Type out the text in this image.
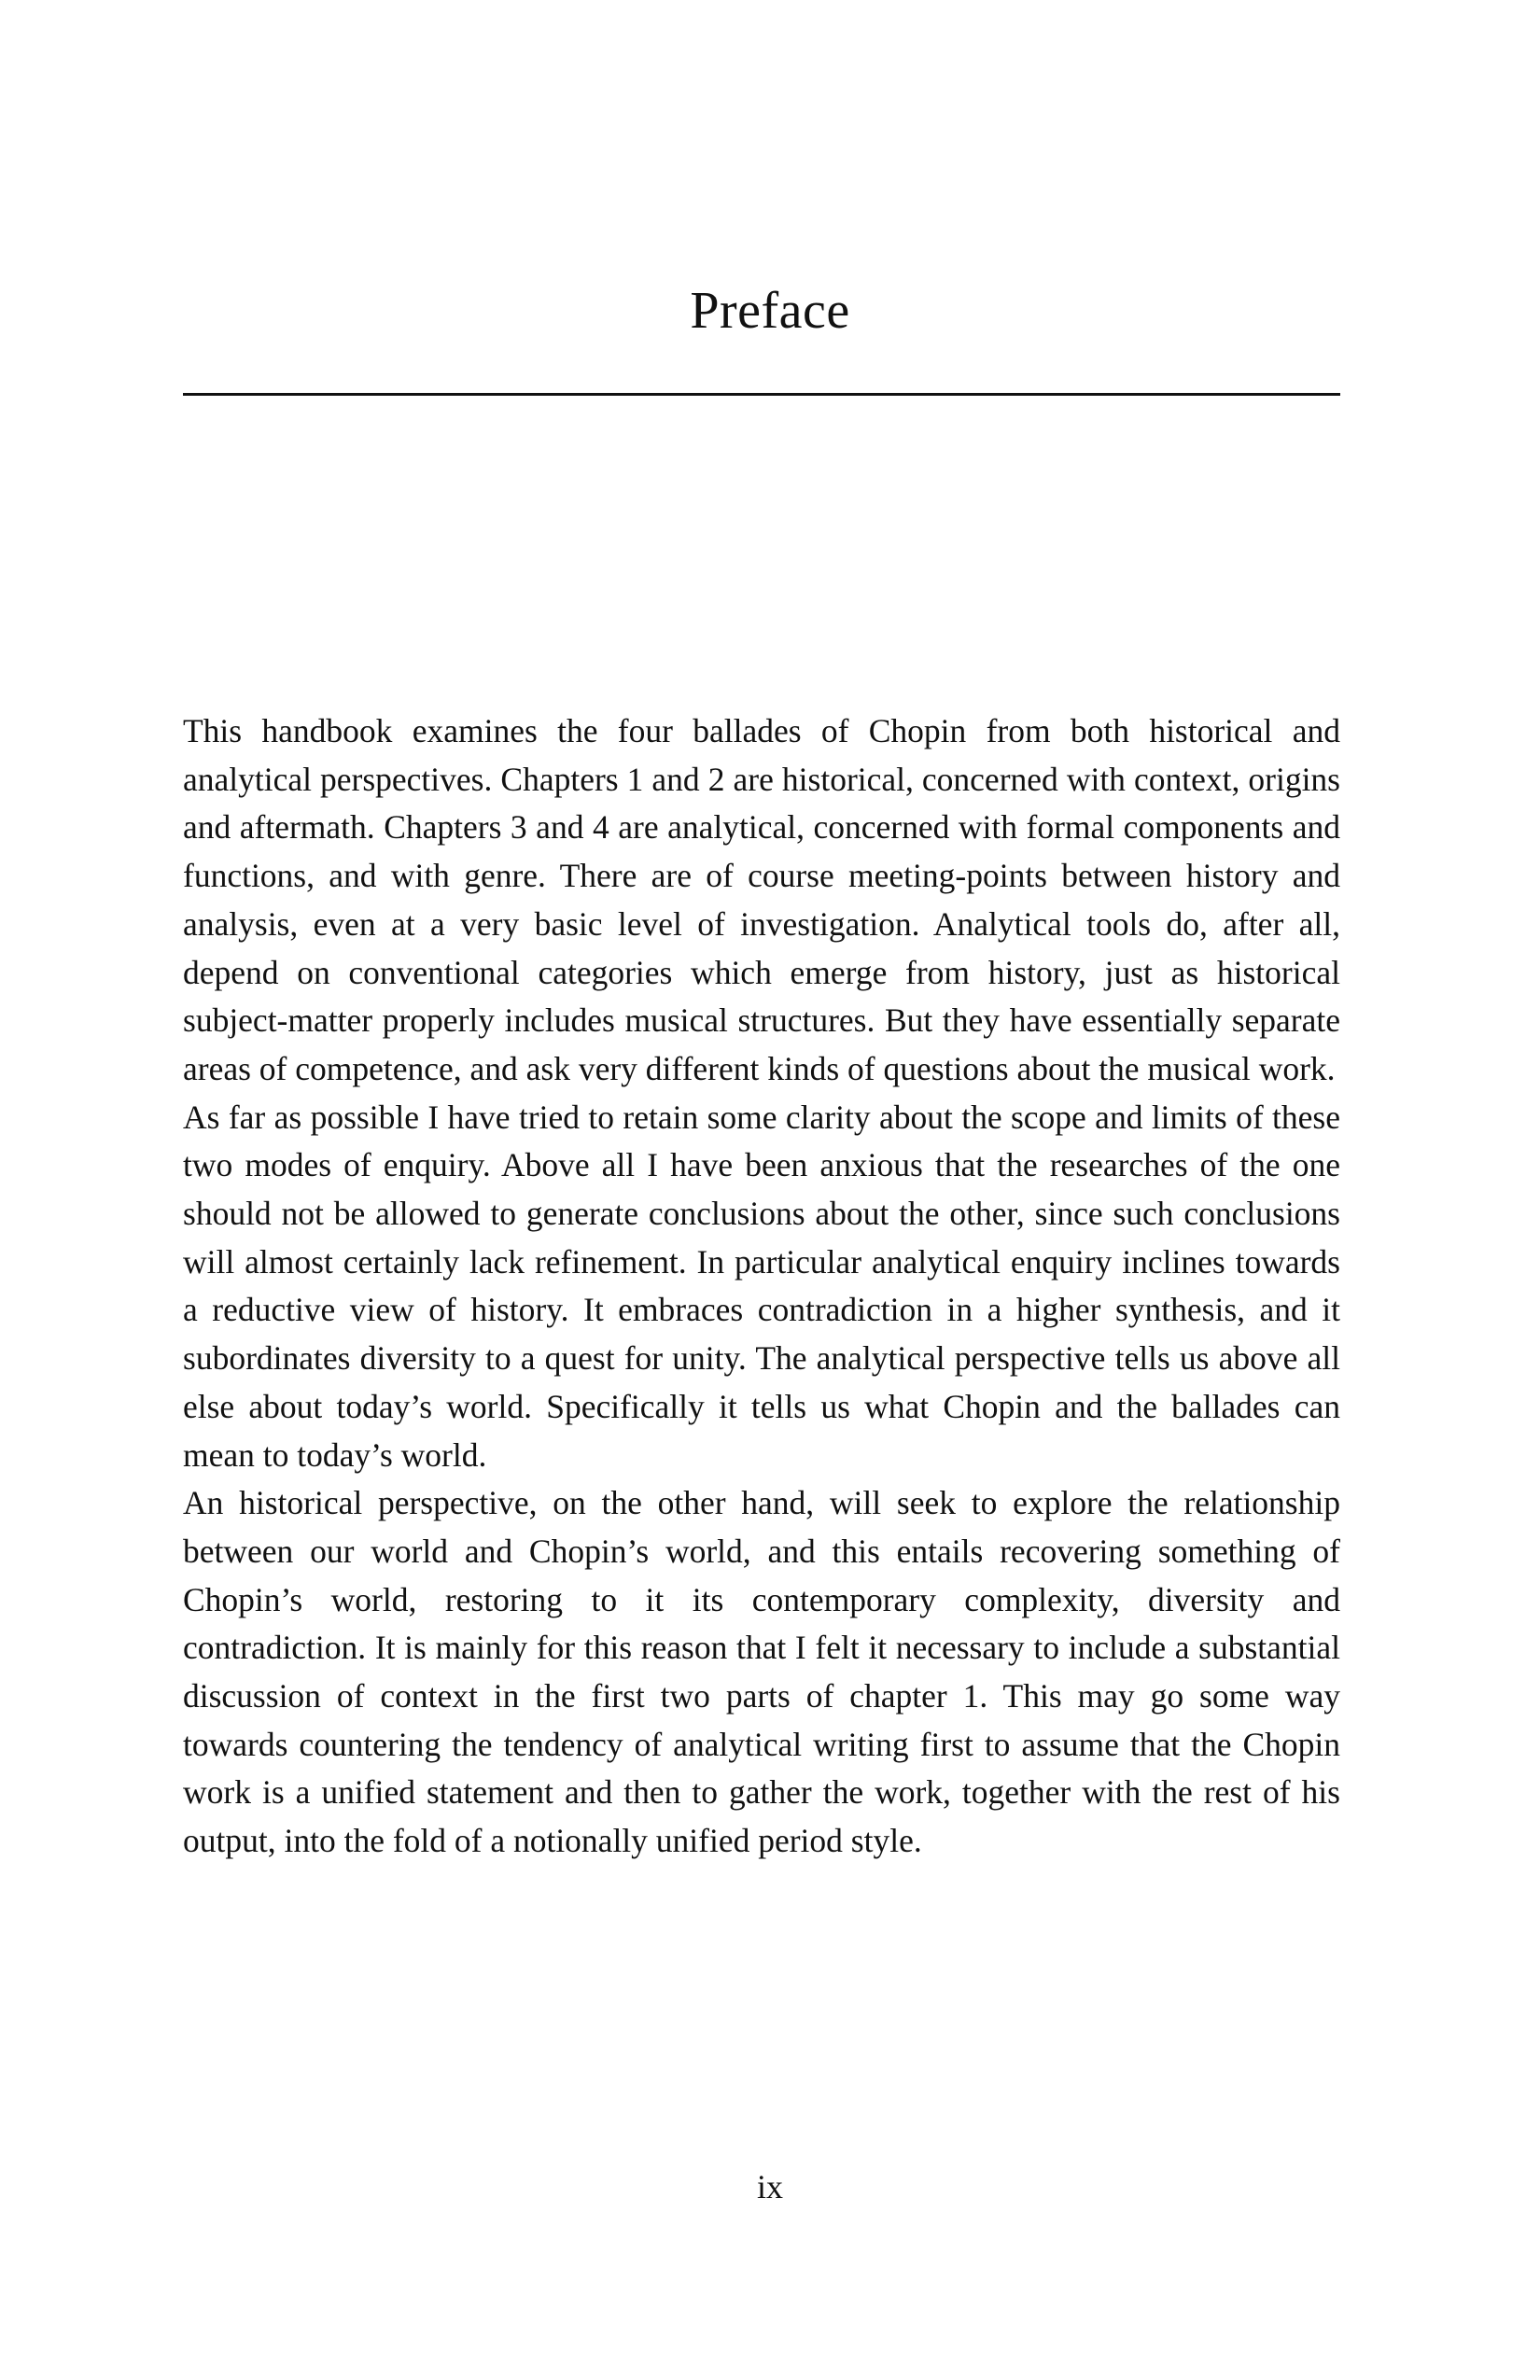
Preface

This handbook examines the four ballades of Chopin from both historical and analytical perspectives. Chapters 1 and 2 are historical, concerned with context, origins and aftermath. Chapters 3 and 4 are analytical, concerned with formal components and functions, and with genre. There are of course meeting-points between history and analysis, even at a very basic level of investigation. Analytical tools do, after all, depend on conventional categories which emerge from history, just as historical subject-matter properly includes musical structures. But they have essentially separate areas of competence, and ask very different kinds of questions about the musical work.

As far as possible I have tried to retain some clarity about the scope and limits of these two modes of enquiry. Above all I have been anxious that the researches of the one should not be allowed to generate conclusions about the other, since such conclusions will almost certainly lack refinement. In particular analytical enquiry inclines towards a reductive view of history. It embraces contradiction in a higher synthesis, and it subordinates diversity to a quest for unity. The analytical perspective tells us above all else about today’s world. Specifically it tells us what Chopin and the ballades can mean to today’s world.

An historical perspective, on the other hand, will seek to explore the relationship between our world and Chopin’s world, and this entails recovering something of Chopin’s world, restoring to it its contemporary complexity, diversity and contradiction. It is mainly for this reason that I felt it necessary to include a substantial discussion of context in the first two parts of chapter 1. This may go some way towards countering the tendency of analytical writing first to assume that the Chopin work is a unified statement and then to gather the work, together with the rest of his output, into the fold of a notionally unified period style.

ix
